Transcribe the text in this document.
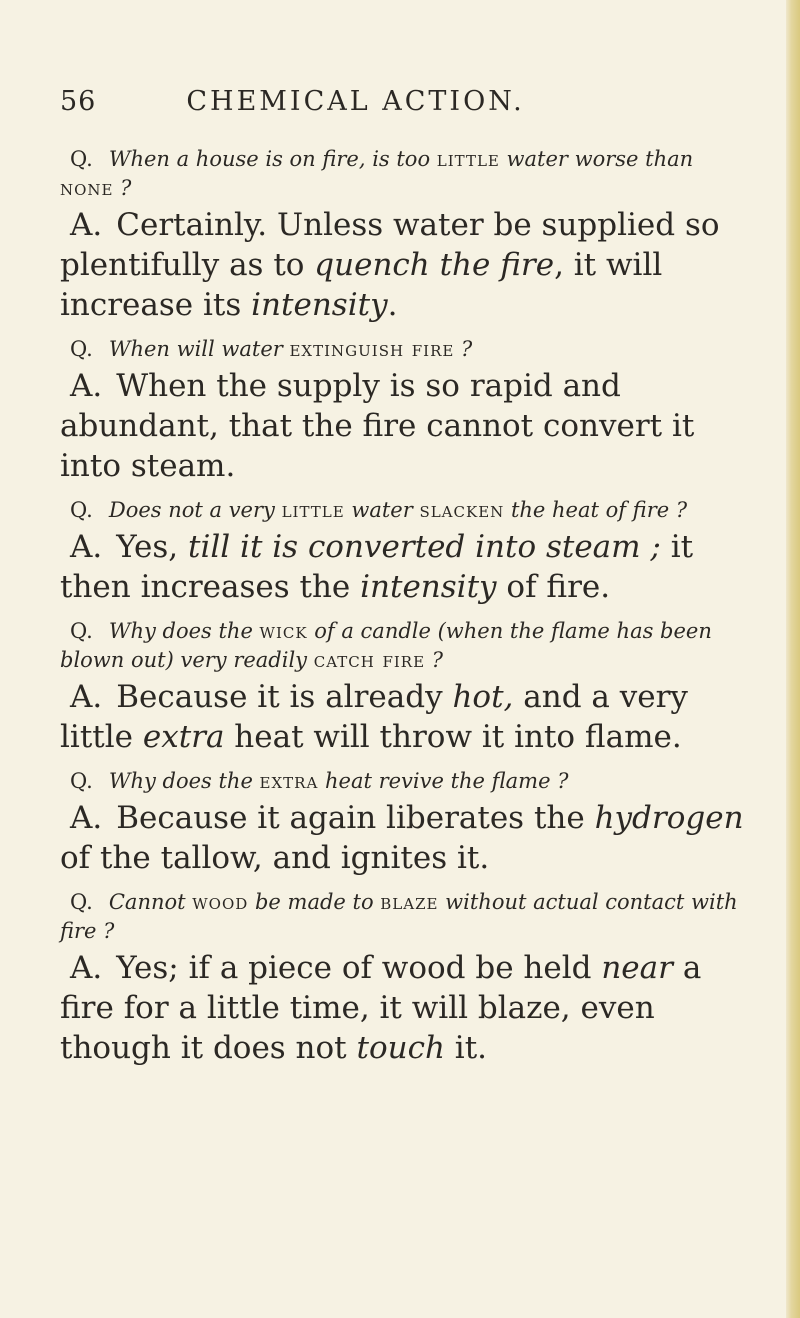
56	CHEMICAL ACTION.

Q. When a house is on fire, is too little water worse than none ?

A. Certainly. Unless water be supplied so plentifully as to quench the fire, it will increase its intensity.

Q. When will water extinguish fire ?

A. When the supply is so rapid and abundant, that the fire cannot convert it into steam.

Q. Does not a very little water slacken the heat of fire ?

A. Yes, till it is converted into steam ; it then increases the intensity of fire.

Q. Why does the wick of a candle (when the flame has been blown out) very readily catch fire ?

A. Because it is already hot, and a very little extra heat will throw it into flame.

Q. Why does the extra heat revive the flame ?

A. Because it again liberates the hydrogen of the tallow, and ignites it.

Q. Cannot wood be made to blaze without actual contact with fire ?

A. Yes; if a piece of wood be held near a fire for a little time, it will blaze, even though it does not touch it.
